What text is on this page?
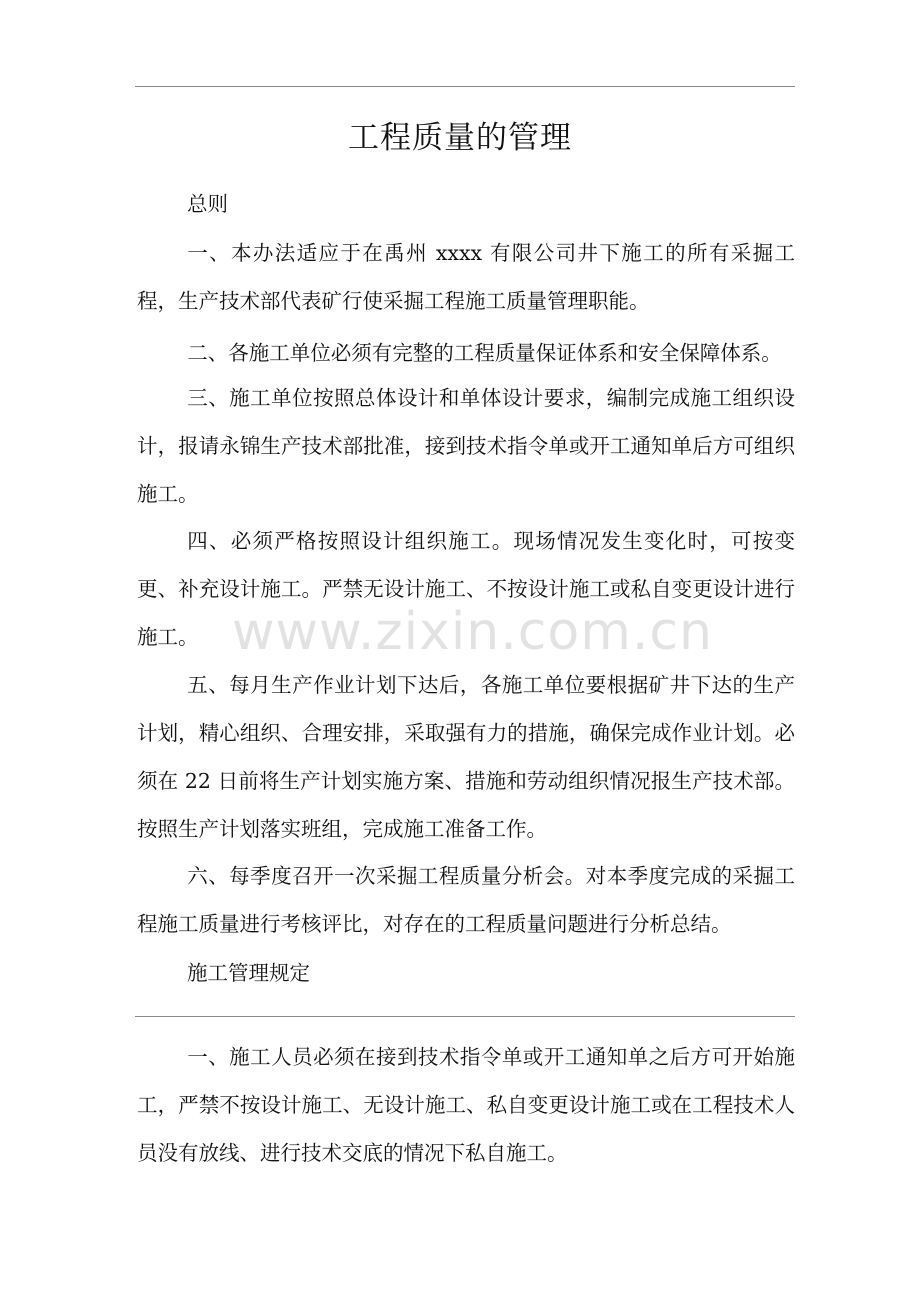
工程质量的管理

总则

一、本办法适应于在禹州 xxxx 有限公司井下施工的所有采掘工程，生产技术部代表矿行使采掘工程施工质量管理职能。

二、各施工单位必须有完整的工程质量保证体系和安全保障体系。

三、施工单位按照总体设计和单体设计要求，编制完成施工组织设计，报请永锦生产技术部批准，接到技术指令单或开工通知单后方可组织施工。

四、必须严格按照设计组织施工。现场情况发生变化时，可按变更、补充设计施工。严禁无设计施工、不按设计施工或私自变更设计进行施工。

五、每月生产作业计划下达后，各施工单位要根据矿井下达的生产计划，精心组织、合理安排，采取强有力的措施，确保完成作业计划。必须在 22 日前将生产计划实施方案、措施和劳动组织情况报生产技术部。按照生产计划落实班组，完成施工准备工作。

六、每季度召开一次采掘工程质量分析会。对本季度完成的采掘工程施工质量进行考核评比，对存在的工程质量问题进行分析总结。

施工管理规定

一、施工人员必须在接到技术指令单或开工通知单之后方可开始施工，严禁不按设计施工、无设计施工、私自变更设计施工或在工程技术人员没有放线、进行技术交底的情况下私自施工。

www.zixin.com.cn
